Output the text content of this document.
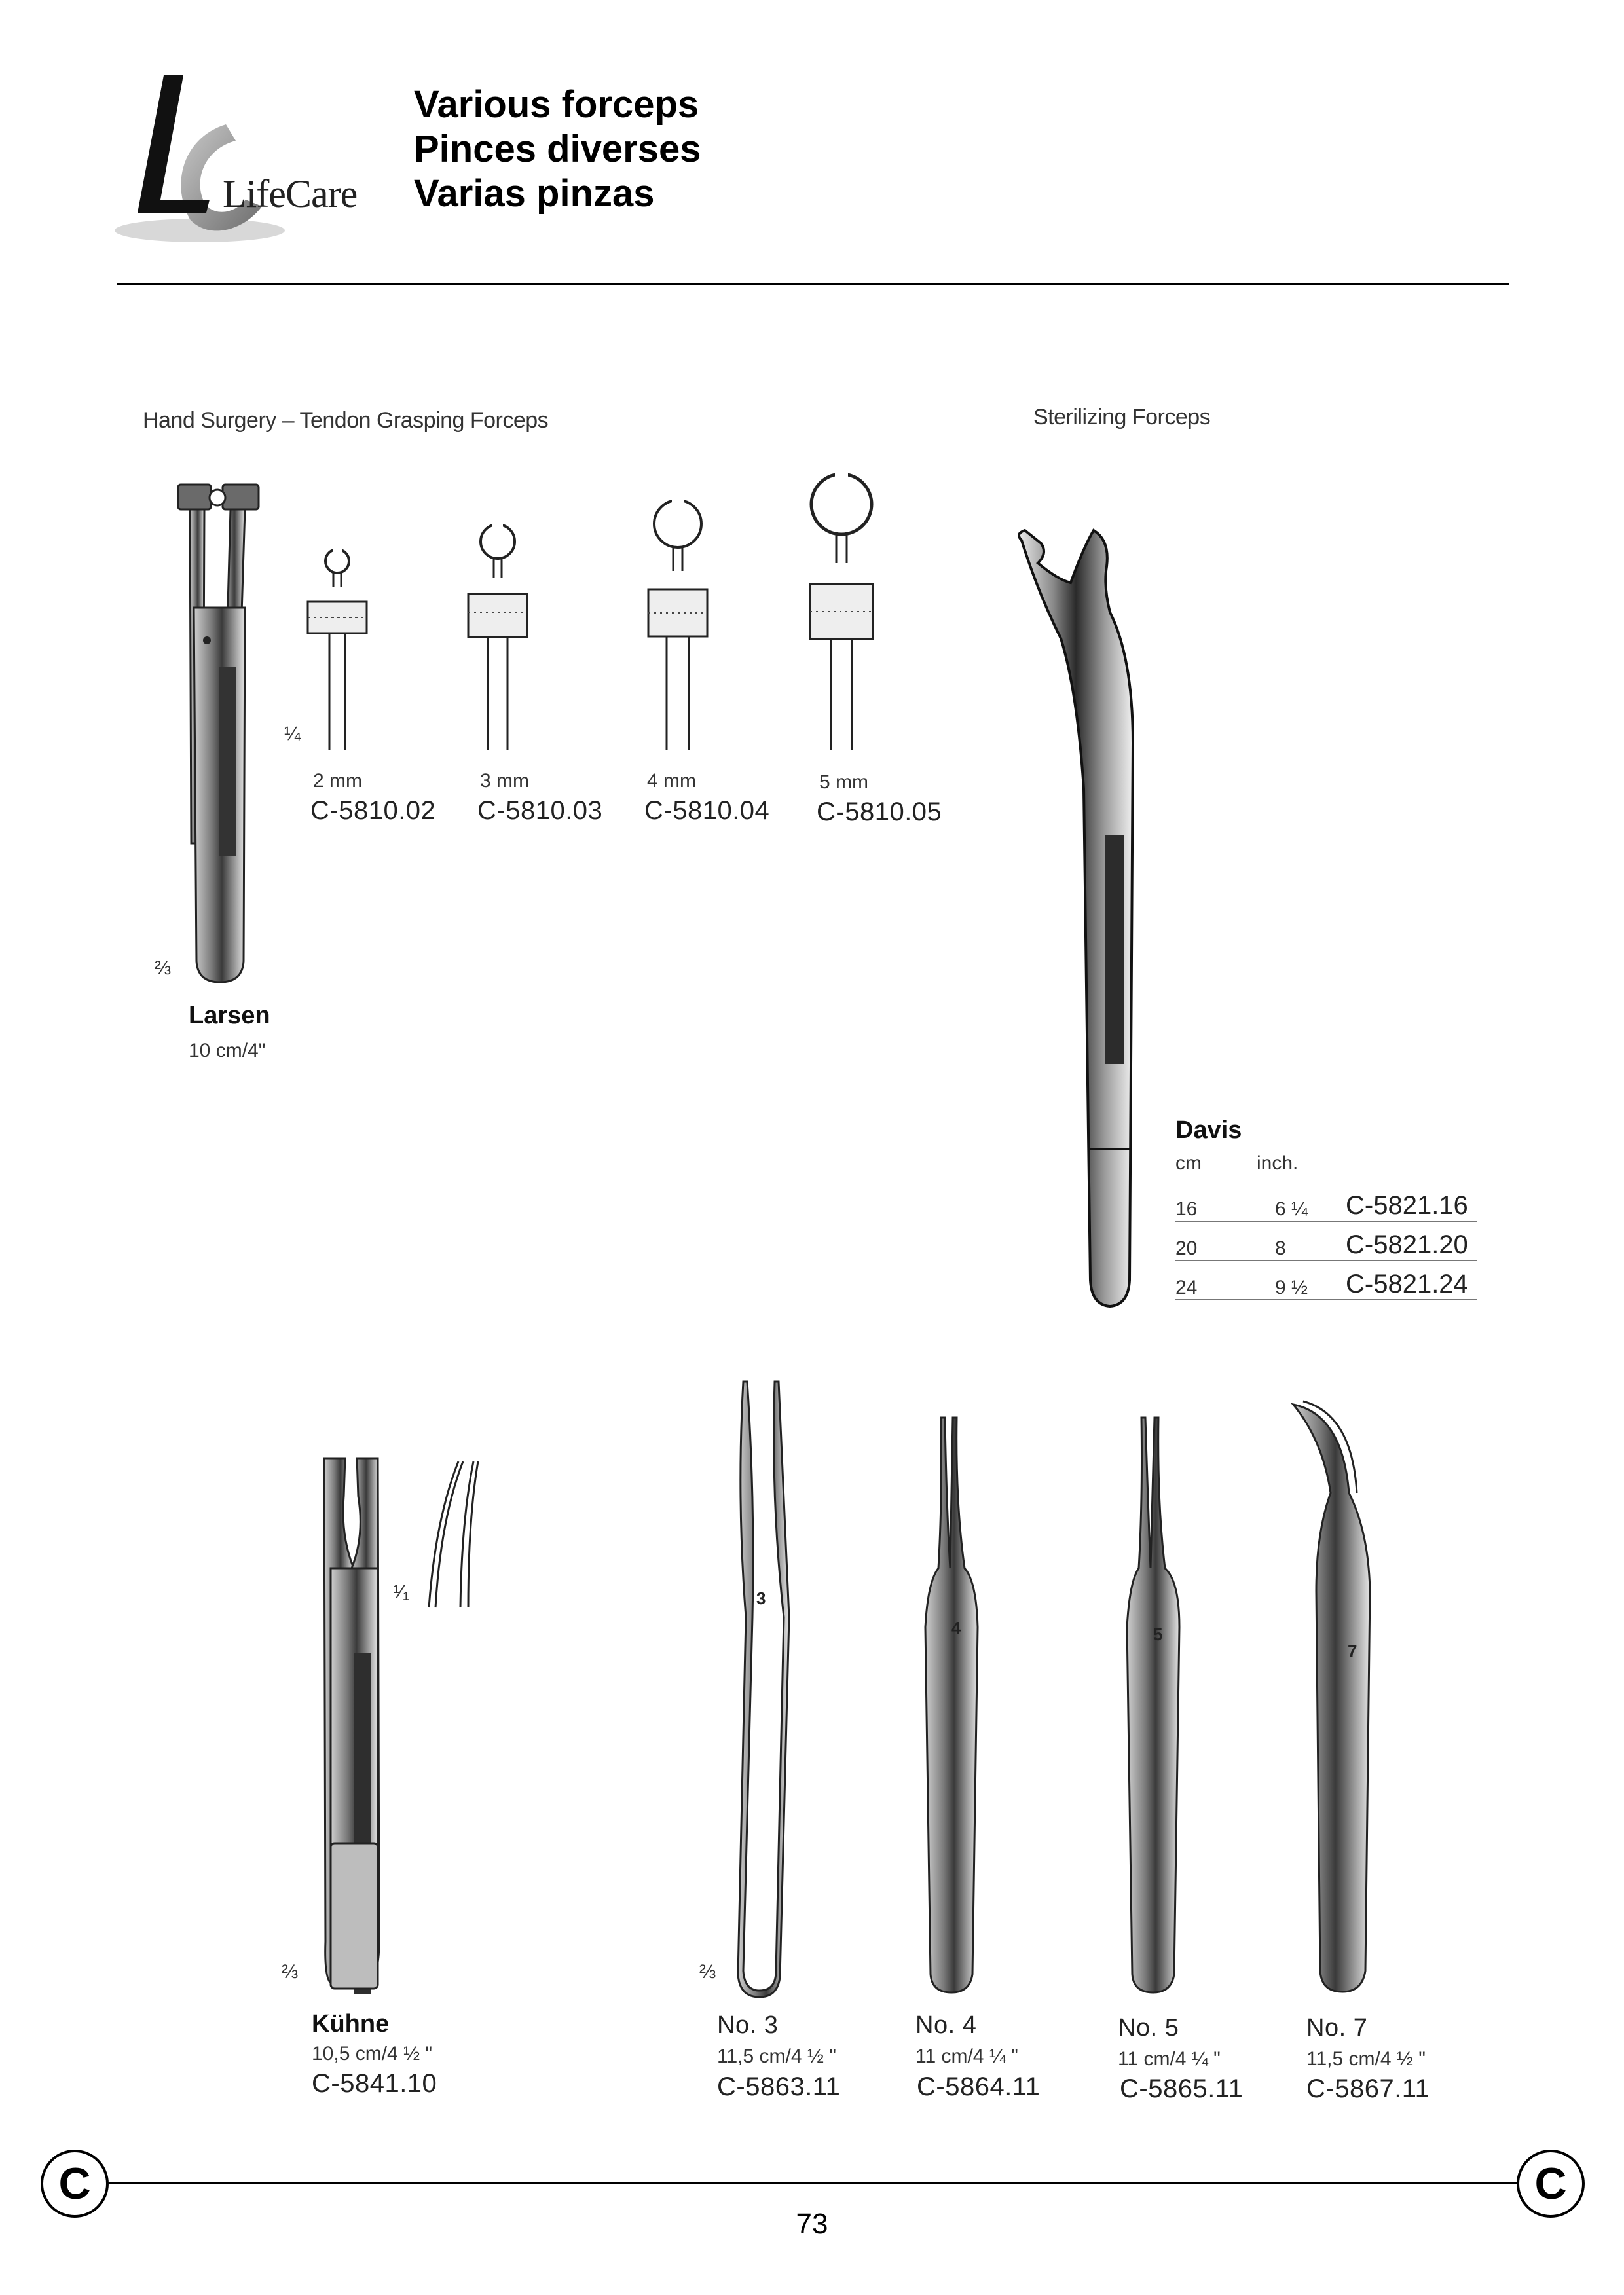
LifeCare
Various forceps
Pinces diverses
Varias pinzas
Hand Surgery – Tendon Grasping Forceps
⅔
Larsen
10 cm/4"
¼
2 mm
C-5810.02
3 mm
C-5810.03
4 mm
C-5810.04
5 mm
C-5810.05
Sterilizing Forceps
Davis
cm	inch.
16	6 ¼	C-5821.16
20	8	C-5821.20
24	9 ½	C-5821.24
¹⁄₁
⅔
Kühne
10,5 cm/4 ½ "
C-5841.10
⅔
3
4	5
7
No. 3
11,5 cm/4 ½ "
C-5863.11
No. 4
11 cm/4 ¼ "
C-5864.11
No. 5
11 cm/4 ¼ "
C-5865.11
No. 7
11,5 cm/4 ½ "
C-5867.11
C	C
73
